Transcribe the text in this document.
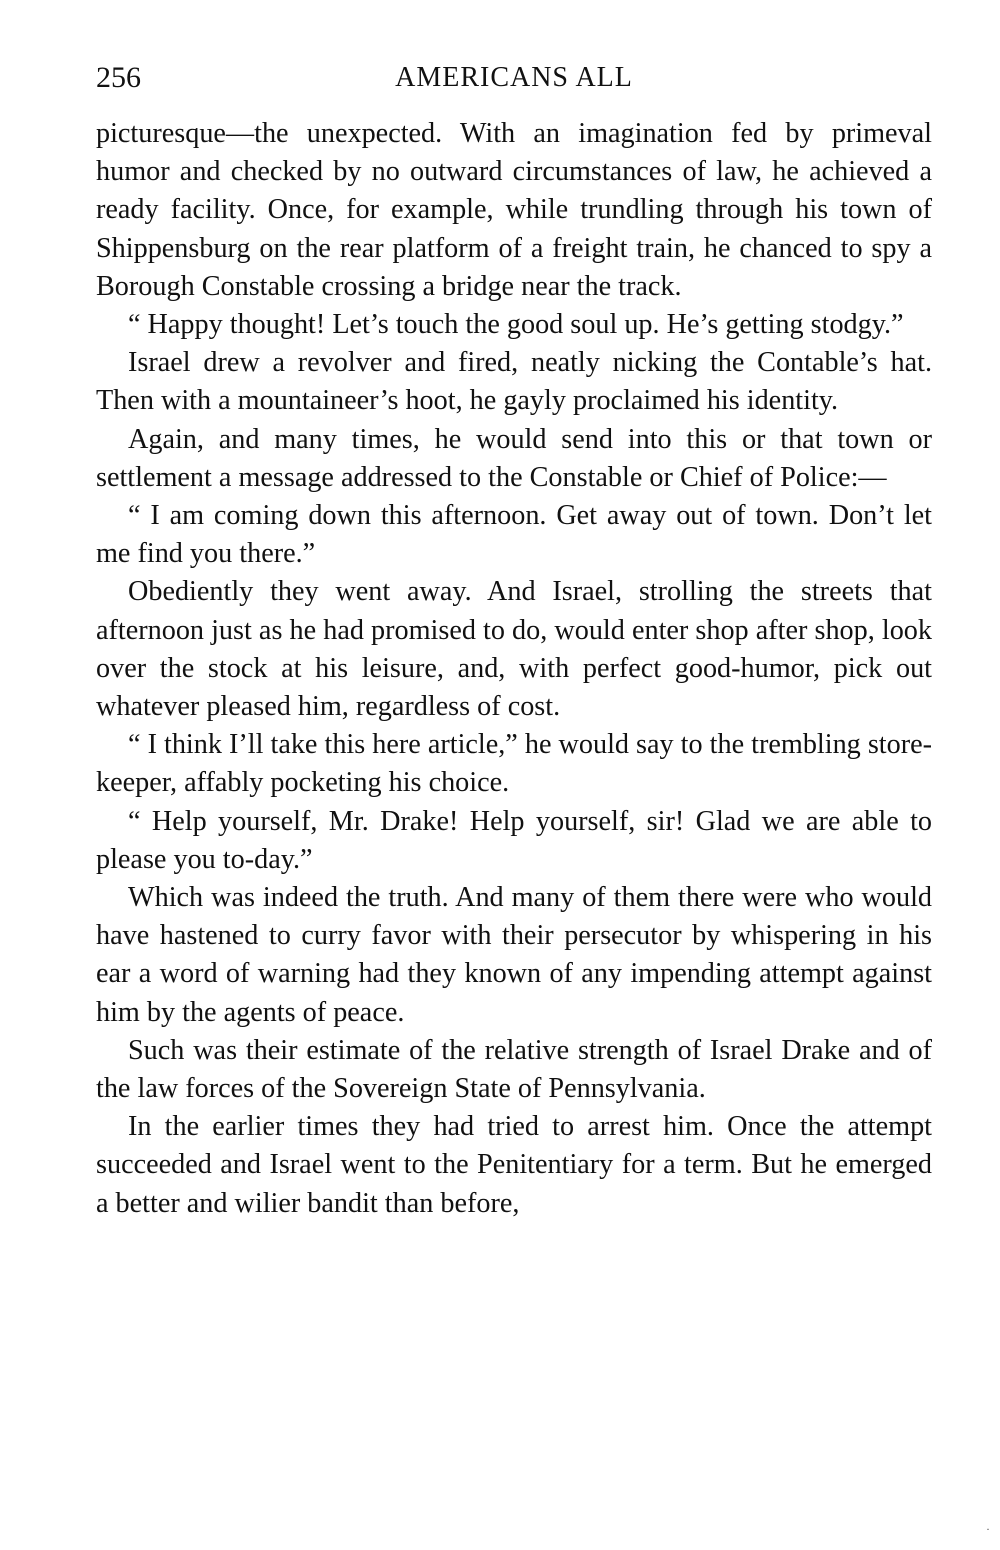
256	AMERICANS ALL

picturesque—the unexpected. With an imagination fed by primeval humor and checked by no outward circumstances of law, he achieved a ready facility. Once, for example, while trundling through his town of Shippensburg on the rear platform of a freight train, he chanced to spy a Borough Constable crossing a bridge near the track.

“ Happy thought! Let’s touch the good soul up. He’s getting stodgy.”

Israel drew a revolver and fired, neatly nicking the Contable’s hat. Then with a mountaineer’s hoot, he gayly proclaimed his identity.

Again, and many times, he would send into this or that town or settlement a message addressed to the Constable or Chief of Police:—

“ I am coming down this afternoon. Get away out of town. Don’t let me find you there.”

Obediently they went away. And Israel, strolling the streets that afternoon just as he had promised to do, would enter shop after shop, look over the stock at his leisure, and, with perfect good-humor, pick out whatever pleased him, regardless of cost.

“ I think I’ll take this here article,” he would say to the trembling store-keeper, affably pocketing his choice.

“ Help yourself, Mr. Drake! Help yourself, sir! Glad we are able to please you to-day.”

Which was indeed the truth. And many of them there were who would have hastened to curry favor with their persecutor by whispering in his ear a word of warning had they known of any impending attempt against him by the agents of peace.

Such was their estimate of the relative strength of Israel Drake and of the law forces of the Sovereign State of Pennsylvania.

In the earlier times they had tried to arrest him. Once the attempt succeeded and Israel went to the Penitentiary for a term. But he emerged a better and wilier bandit than before,

·
